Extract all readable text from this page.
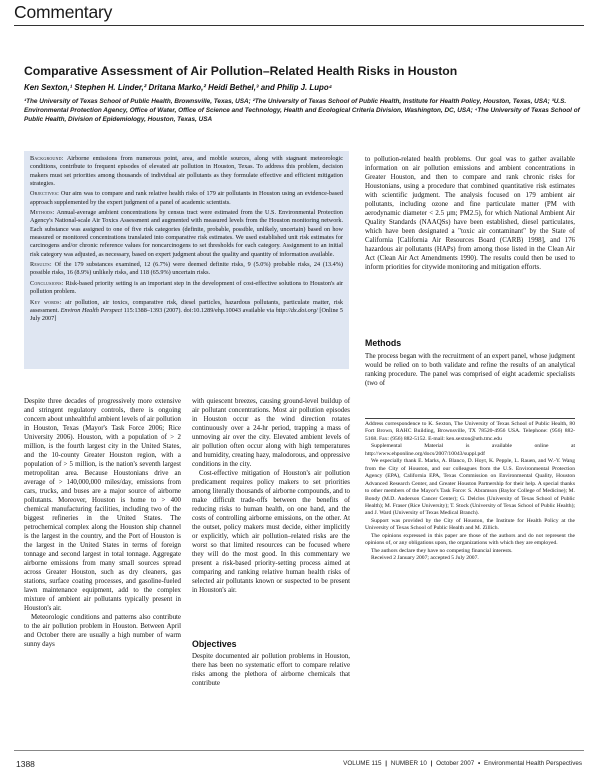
Commentary
Comparative Assessment of Air Pollution–Related Health Risks in Houston
Ken Sexton,¹ Stephen H. Linder,² Dritana Marko,² Heidi Bethel,³ and Philip J. Lupo⁴
¹The University of Texas School of Public Health, Brownsville, Texas, USA; ²The University of Texas School of Public Health, Institute for Health Policy, Houston, Texas, USA; ³U.S. Environmental Protection Agency, Office of Water, Office of Science and Technology, Health and Ecological Criteria Division, Washington, DC, USA; ⁴The University of Texas School of Public Health, Division of Epidemiology, Houston, Texas, USA

Background: Airborne emissions from numerous point, area, and mobile sources, along with stagnant meteorologic conditions, contribute to frequent episodes of elevated air pollution in Houston, Texas. To address this problem, decision makers must set priorities among thousands of individual air pollutants as they formulate effective and efficient mitigation strategies.

Objectives: Our aim was to compare and rank relative health risks of 179 air pollutants in Houston using an evidence-based approach supplemented by the expert judgment of a panel of academic scientists.

Methods: Annual-average ambient concentrations by census tract were estimated from the U.S. Environmental Protection Agency's National-scale Air Toxics Assessment and augmented with measured levels from the Houston monitoring network. Each substance was assigned to one of five risk categories (definite, probable, possible, unlikely, uncertain) based on how measured or monitored concentrations translated into comparative risk estimates. We used established unit risk estimates for carcinogens and/or chronic reference values for noncarcinogens to set thresholds for each category. Assignment to an initial risk category was adjusted, as necessary, based on expert judgment about the quality and quantity of information available.

Results: Of the 179 substances examined, 12 (6.7%) were deemed definite risks, 9 (5.0%) probable risks, 24 (13.4%) possible risks, 16 (8.9%) unlikely risks, and 118 (65.9%) uncertain risks.

Conclusions: Risk-based priority setting is an important step in the development of cost-effective solutions to Houston's air pollution problem.

Key words: air pollution, air toxics, comparative risk, diesel particles, hazardous pollutants, particulate matter, risk assessment. Environ Health Perspect 115:1388–1393 (2007). doi:10.1289/ehp.10043 available via http://dx.doi.org/ [Online 5 July 2007]

Despite three decades of progressively more extensive and stringent regulatory controls, there is ongoing concern about unhealthful ambient levels of air pollution in Houston, Texas (Mayor's Task Force 2006; Rice University 2006). Houston, with a population of > 2 million, is the fourth largest city in the United States, and the 10-county Greater Houston region, with a population of > 5 million, is the nation's seventh largest metropolitan area. Because Houstonians drive an average of > 140,000,000 miles/day, emissions from cars, trucks, and buses are a major source of airborne pollutants. Moreover, Houston is home to > 400 chemical manufacturing facilities, including two of the biggest refineries in the United States. The petrochemical complex along the Houston ship channel is the largest in the country, and the Port of Houston is the largest in the United States in terms of foreign tonnage and second largest in total tonnage. Aggregate airborne emissions from many small sources spread across Greater Houston, such as dry cleaners, gas stations, surface coating processes, and gasoline-fueled lawn maintenance equipment, add to the complex mixture of ambient air pollutants typically present in Houston's air.

Meteorologic conditions and patterns also contribute to the air pollution problem in Houston. Between April and October there are usually a high number of warm sunny days

with quiescent breezes, causing ground-level buildup of air pollutant concentrations. Most air pollution episodes in Houston occur as the wind direction rotates continuously over a 24-hr period, trapping a mass of unmoving air over the city. Elevated ambient levels of air pollution often occur along with high temperatures and humidity, creating hazy, malodorous, and oppressive conditions in the city.

Cost-effective mitigation of Houston's air pollution predicament requires policy makers to set priorities among literally thousands of airborne compounds, and to make difficult trade-offs between the benefits of reducing risks to human health, on one hand, and the costs of controlling airborne emissions, on the other. At the outset, policy makers must decide, either implicitly or explicitly, which air pollution–related risks are the worst so that limited resources can be focused where they will do the most good. In this commentary we present a risk-based priority-setting process aimed at comparing and ranking relative human health risks of selected air pollutants known or suspected to be present in Houston's air.

Objectives

Despite documented air pollution problems in Houston, there has been no systematic effort to compare relative risks among the plethora of airborne chemicals that contribute

to pollution-related health problems. Our goal was to gather available information on air pollution emissions and ambient concentrations in Greater Houston, and then to compare and rank chronic risks for Houstonians, using a procedure that combined quantitative risk estimates with scientific judgment. The analysis focused on 179 ambient air pollutants, including ozone and fine particulate matter (PM with aerodynamic diameter < 2.5 µm; PM2.5), for which National Ambient Air Quality Standards (NAAQSs) have been established, diesel particulates, which have been designated a "toxic air contaminant" by the State of California [California Air Resources Board (CARB) 1998], and 176 hazardous air pollutants (HAPs) from among those listed in the Clean Air Act (Clean Air Act Amendments 1990). The results could then be used to inform priorities for citywide monitoring and mitigation efforts.

Methods

The process began with the recruitment of an expert panel, whose judgment would be relied on to both validate and refine the results of an analytical ranking procedure. The panel was comprised of eight academic specialists (two of

Address correspondence to K. Sexton, The University of Texas School of Public Health, 80 Fort Brown, RAHC Building, Brownsville, TX 78520-4956 USA. Telephone: (956) 882-5168. Fax: (956) 882-5152. E-mail: ken.sexton@uth.tmc.edu

Supplemental Material is available online at http://www.ehponline.org/docs/2007/10043/suppl.pdf

We especially thank E. Marks, A. Blanco, D. Hoyt, K. Pepple, L. Rauen, and W.-Y. Wang from the City of Houston, and our colleagues from the U.S. Environmental Protection Agency (EPA), California EPA, Texas Commission on Environmental Quality, Houston Advanced Research Center, and Greater Houston Partnership for their help. A special thanks to other members of the Mayor's Task Force: S. Abramson (Baylor College of Medicine); M. Bondy (M.D. Anderson Cancer Center); G. Delclos (University of Texas School of Public Health); M. Fraser (Rice University); T. Stock (University of Texas School of Public Health); and J. Ward (University of Texas Medical Branch).

Support was provided by the City of Houston, the Institute for Health Policy at the University of Texas School of Public Health and M. Zillich.

The opinions expressed in this paper are those of the authors and do not represent the opinions of, or any obligations upon, the organizations with which they are employed.

The authors declare they have no competing financial interests.

Received 2 January 2007; accepted 5 July 2007.

1388	VOLUME 115 | NUMBER 10 | October 2007 • Environmental Health Perspectives
